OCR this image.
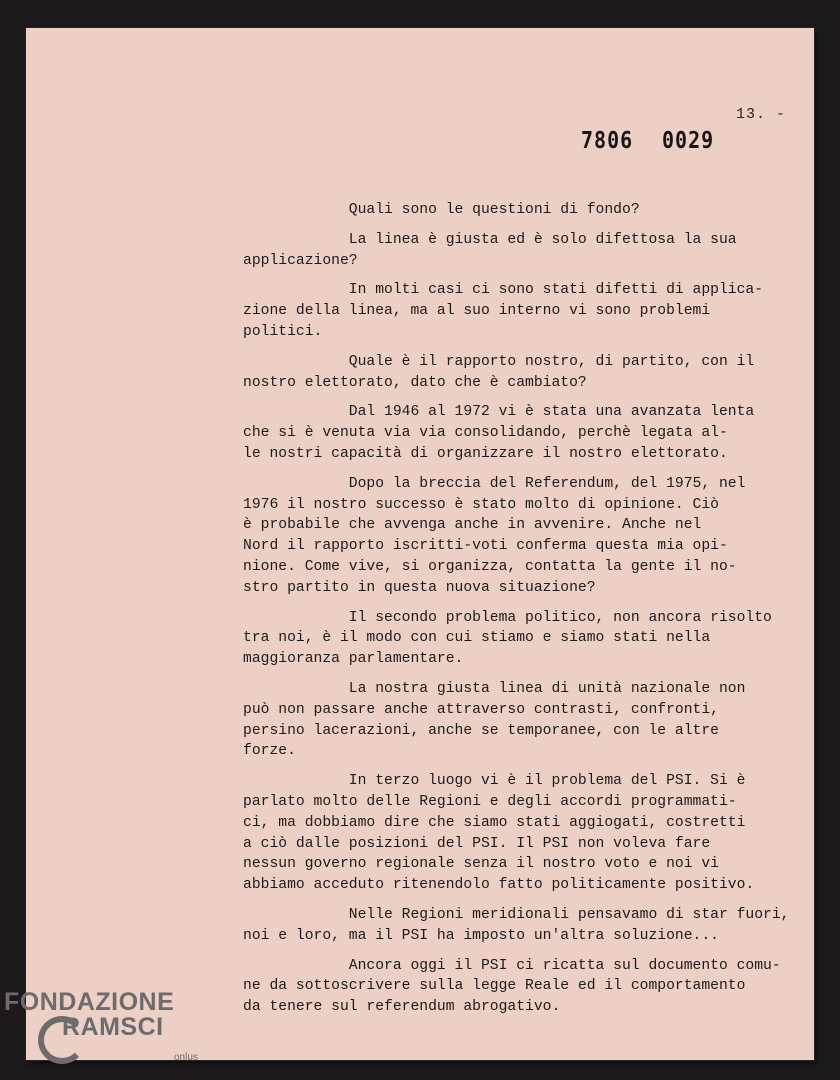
13. -
7806 0029

Quali sono le questioni di fondo?

La linea è giusta ed è solo difettosa la sua
applicazione?

In molti casi ci sono stati difetti di applica-
zione della linea, ma al suo interno vi sono problemi
politici.

Quale è il rapporto nostro, di partito, con il
nostro elettorato, dato che è cambiato?

Dal 1946 al 1972 vi è stata una avanzata lenta
che si è venuta via via consolidando, perchè legata al-
le nostri capacità di organizzare il nostro elettorato.

Dopo la breccia del Referendum, del 1975, nel
1976 il nostro successo è stato molto di opinione. Ciò
è probabile che avvenga anche in avvenire. Anche nel
Nord il rapporto iscritti-voti conferma questa mia opi-
nione. Come vive, si organizza, contatta la gente il no-
stro partito in questa nuova situazione?

Il secondo problema politico, non ancora risolto
tra noi, è il modo con cui stiamo e siamo stati nella
maggioranza parlamentare.

La nostra giusta linea di unità nazionale non
può non passare anche attraverso contrasti, confronti,
persino lacerazioni, anche se temporanee, con le altre
forze.

In terzo luogo vi è il problema del PSI. Si è
parlato molto delle Regioni e degli accordi programmati-
ci, ma dobbiamo dire che siamo stati aggiogati, costretti
a ciò dalle posizioni del PSI. Il PSI non voleva fare
nessun governo regionale senza il nostro voto e noi vi
abbiamo acceduto ritenendolo fatto politicamente positivo.

Nelle Regioni meridionali pensavamo di star fuori,
noi e loro, ma il PSI ha imposto un'altra soluzione...

Ancora oggi il PSI ci ricatta sul documento comu-
ne da sottoscrivere sulla legge Reale ed il comportamento
da tenere sul referendum abrogativo.

FONDAZIONE
RAMSCI
onlus
